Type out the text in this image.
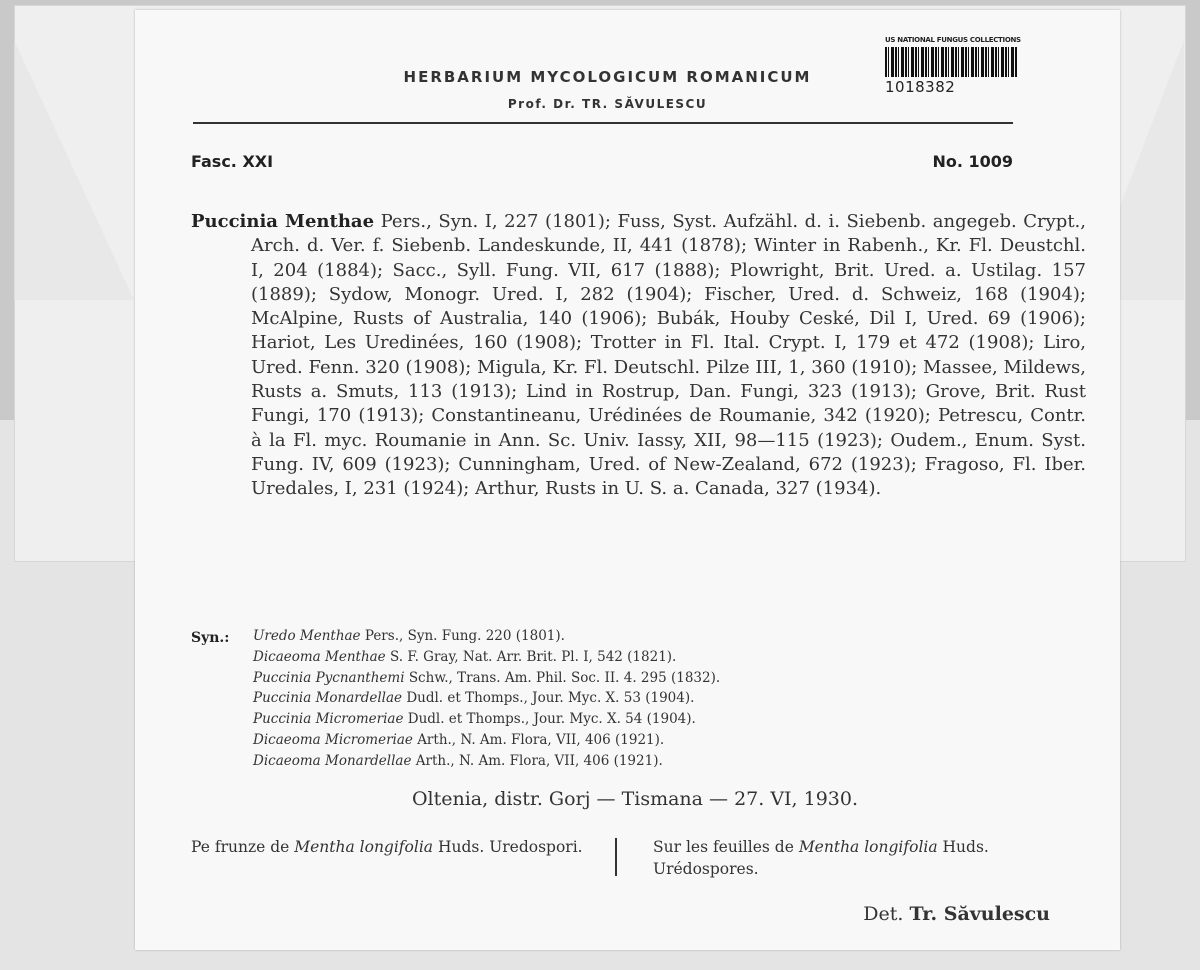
HERBARIUM MYCOLOGICUM ROMANICUM
Prof. Dr. TR. SĂVULESCU
US NATIONAL FUNGUS COLLECTIONS
1018382
Fasc. XXI	No. 1009
Puccinia Menthae Pers., Syn. I, 227 (1801); Fuss, Syst. Aufzähl. d. i. Siebenb. angegeb. Crypt., Arch. d. Ver. f. Siebenb. Landeskunde, II, 441 (1878); Winter in Rabenh., Kr. Fl. Deustchl. I, 204 (1884); Sacc., Syll. Fung. VII, 617 (1888); Plowright, Brit. Ured. a. Ustilag. 157 (1889); Sydow, Monogr. Ured. I, 282 (1904); Fischer, Ured. d. Schweiz, 168 (1904); McAlpine, Rusts of Australia, 140 (1906); Bubák, Houby Ceské, Dil I, Ured. 69 (1906); Hariot, Les Uredinées, 160 (1908); Trotter in Fl. Ital. Crypt. I, 179 et 472 (1908); Liro, Ured. Fenn. 320 (1908); Migula, Kr. Fl. Deutschl. Pilze III, 1, 360 (1910); Massee, Mildews, Rusts a. Smuts, 113 (1913); Lind in Rostrup, Dan. Fungi, 323 (1913); Grove, Brit. Rust Fungi, 170 (1913); Constantineanu, Urédinées de Roumanie, 342 (1920); Petrescu, Contr. à la Fl. myc. Roumanie in Ann. Sc. Univ. Iassy, XII, 98—115 (1923); Oudem., Enum. Syst. Fung. IV, 609 (1923); Cunningham, Ured. of New-Zealand, 672 (1923); Fragoso, Fl. Iber. Uredales, I, 231 (1924); Arthur, Rusts in U. S. a. Canada, 327 (1934).
Syn.: Uredo Menthae Pers., Syn. Fung. 220 (1801).
Dicaeoma Menthae S. F. Gray, Nat. Arr. Brit. Pl. I, 542 (1821).
Puccinia Pycnanthemi Schw., Trans. Am. Phil. Soc. II. 4. 295 (1832).
Puccinia Monardellae Dudl. et Thomps., Jour. Myc. X. 53 (1904).
Puccinia Micromeriae Dudl. et Thomps., Jour. Myc. X. 54 (1904).
Dicaeoma Micromeriae Arth., N. Am. Flora, VII, 406 (1921).
Dicaeoma Monardellae Arth., N. Am. Flora, VII, 406 (1921).
Oltenia, distr. Gorj — Tismana — 27. VI, 1930.
Pe frunze de Mentha longifolia Huds. Uredospori.	Sur les feuilles de Mentha longifolia Huds. Urédospores.
Det. Tr. Săvulescu
